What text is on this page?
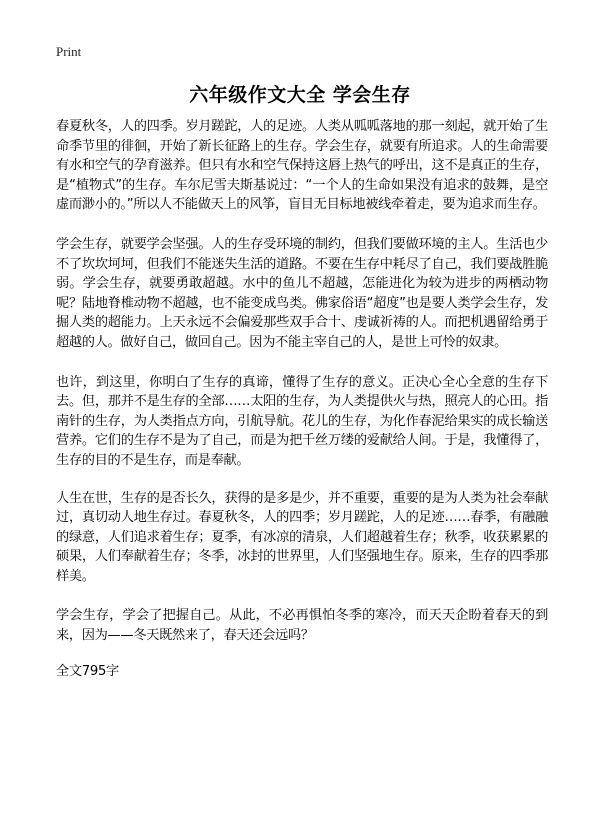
Print
六年级作文大全 学会生存

春夏秋冬，人的四季。岁月蹉跎，人的足迹。人类从呱呱落地的那一刻起，就开始了生命季节里的徘徊，开始了新长征路上的生存。学会生存，就要有所追求。人的生命需要有水和空气的孕育滋养。但只有水和空气保持这唇上热气的呼出，这不是真正的生存，是“植物式”的生存。车尔尼雪夫斯基说过：“一个人的生命如果没有追求的鼓舞，是空虚而渺小的。”所以人不能做天上的风筝，盲目无目标地被线牵着走，要为追求而生存。

学会生存，就要学会坚强。人的生存受环境的制约，但我们要做环境的主人。生活也少不了坎坎坷坷，但我们不能迷失生活的道路。不要在生存中耗尽了自己，我们要战胜脆弱。学会生存，就要勇敢超越。水中的鱼儿不超越，怎能进化为较为进步的两栖动物呢？陆地脊椎动物不超越，也不能变成鸟类。佛家俗语“超度”也是要人类学会生存，发掘人类的超能力。上天永远不会偏爱那些双手合十、虔诚祈祷的人。而把机遇留给勇于超越的人。做好自己，做回自己。因为不能主宰自己的人，是世上可怜的奴隶。

也许，到这里，你明白了生存的真谛，懂得了生存的意义。正决心全心全意的生存下去。但，那并不是生存的全部……太阳的生存，为人类提供火与热，照亮人的心田。指南针的生存，为人类指点方向，引航导航。花儿的生存，为化作春泥给果实的成长输送营养。它们的生存不是为了自己，而是为把千丝万缕的爱献给人间。于是，我懂得了，生存的目的不是生存，而是奉献。

人生在世，生存的是否长久，获得的是多是少，并不重要，重要的是为人类为社会奉献过，真切动人地生存过。春夏秋冬，人的四季；岁月蹉跎，人的足迹……春季，有融融的绿意，人们追求着生存；夏季，有冰凉的清泉，人们超越着生存；秋季，收获累累的硕果，人们奉献着生存；冬季，冰封的世界里，人们坚强地生存。原来，生存的四季那样美。

学会生存，学会了把握自己。从此，不必再惧怕冬季的寒冷，而天天企盼着春天的到来，因为——冬天既然来了，春天还会远吗？

全文795字
